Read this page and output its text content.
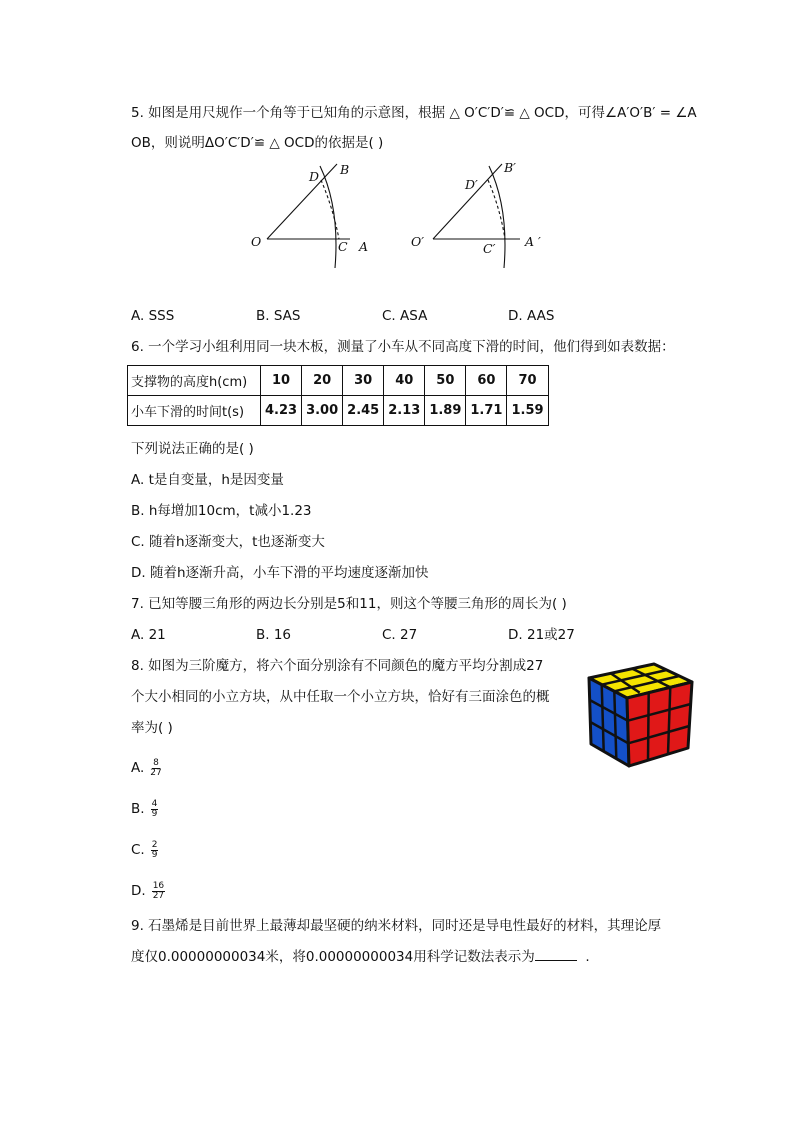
5. 如图是用尺规作一个角等于已知角的示意图，根据 △ O′C′D′≌ △ OCD，可得∠A′O′B′ = ∠A
OB，则说明ΔO′C′D′≌ △ OCD的依据是( )
D B
O	C A
D′
B′
O′	C′ A ′
A. SSS	B. SAS	C. ASA	D. AAS
6. 一个学习小组利用同一块木板，测量了小车从不同高度下滑的时间，他们得到如表数据：
支撑物的高度h(cm)	10	20	30	40	50	60	70
小车下滑的时间t(s)	4.23	3.00	2.45	2.13	1.89	1.71	1.59
下列说法正确的是( )
A. t是自变量，h是因变量
B. h每增加10cm，t减小1.23
C. 随着h逐渐变大，t也逐渐变大
D. 随着h逐渐升高，小车下滑的平均速度逐渐加快
7. 已知等腰三角形的两边长分别是5和11，则这个等腰三角形的周长为( )
A. 21	B. 16	C. 27	D. 21或27
8. 如图为三阶魔方，将六个面分别涂有不同颜色的魔方平均分割成27
个大小相同的小立方块，从中任取一个小立方块，恰好有三面涂色的概
率为( )
A. $\frac{8}{27}$
B. $\frac{4}{9}$
C. $\frac{2}{9}$
D. $\frac{16}{27}$
9. 石墨烯是目前世界上最薄却最坚硬的纳米材料，同时还是导电性最好的材料，其理论厚
度仅0.00000000034米，将0.00000000034用科学记数法表示为	.
